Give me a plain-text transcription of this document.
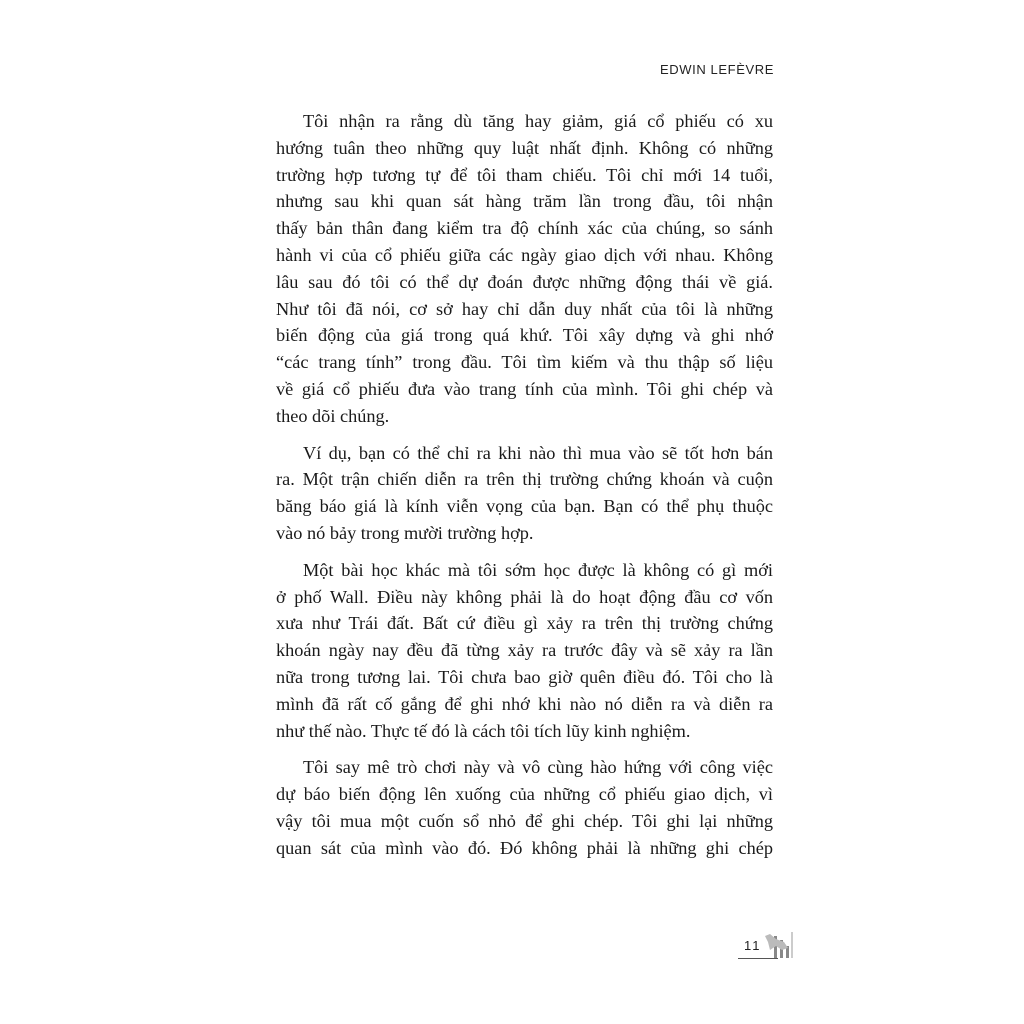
EDWIN LEFÈVRE
Tôi nhận ra rằng dù tăng hay giảm, giá cổ phiếu có xu
hướng tuân theo những quy luật nhất định. Không có những
trường hợp tương tự để tôi tham chiếu. Tôi chỉ mới 14 tuổi,
nhưng sau khi quan sát hàng trăm lần trong đầu, tôi nhận
thấy bản thân đang kiểm tra độ chính xác của chúng, so sánh
hành vi của cổ phiếu giữa các ngày giao dịch với nhau. Không
lâu sau đó tôi có thể dự đoán được những động thái về giá.
Như tôi đã nói, cơ sở hay chỉ dẫn duy nhất của tôi là những
biến động của giá trong quá khứ. Tôi xây dựng và ghi nhớ
“các trang tính” trong đầu. Tôi tìm kiếm và thu thập số liệu
về giá cổ phiếu đưa vào trang tính của mình. Tôi ghi chép và
theo dõi chúng.
Ví dụ, bạn có thể chỉ ra khi nào thì mua vào sẽ tốt hơn bán
ra. Một trận chiến diễn ra trên thị trường chứng khoán và cuộn
băng báo giá là kính viễn vọng của bạn. Bạn có thể phụ thuộc
vào nó bảy trong mười trường hợp.
Một bài học khác mà tôi sớm học được là không có gì mới
ở phố Wall. Điều này không phải là do hoạt động đầu cơ vốn
xưa như Trái đất. Bất cứ điều gì xảy ra trên thị trường chứng
khoán ngày nay đều đã từng xảy ra trước đây và sẽ xảy ra lần
nữa trong tương lai. Tôi chưa bao giờ quên điều đó. Tôi cho là
mình đã rất cố gắng để ghi nhớ khi nào nó diễn ra và diễn ra
như thế nào. Thực tế đó là cách tôi tích lũy kinh nghiệm.
Tôi say mê trò chơi này và vô cùng hào hứng với công việc
dự báo biến động lên xuống của những cổ phiếu giao dịch, vì
vậy tôi mua một cuốn sổ nhỏ để ghi chép. Tôi ghi lại những
quan sát của mình vào đó. Đó không phải là những ghi chép
11
